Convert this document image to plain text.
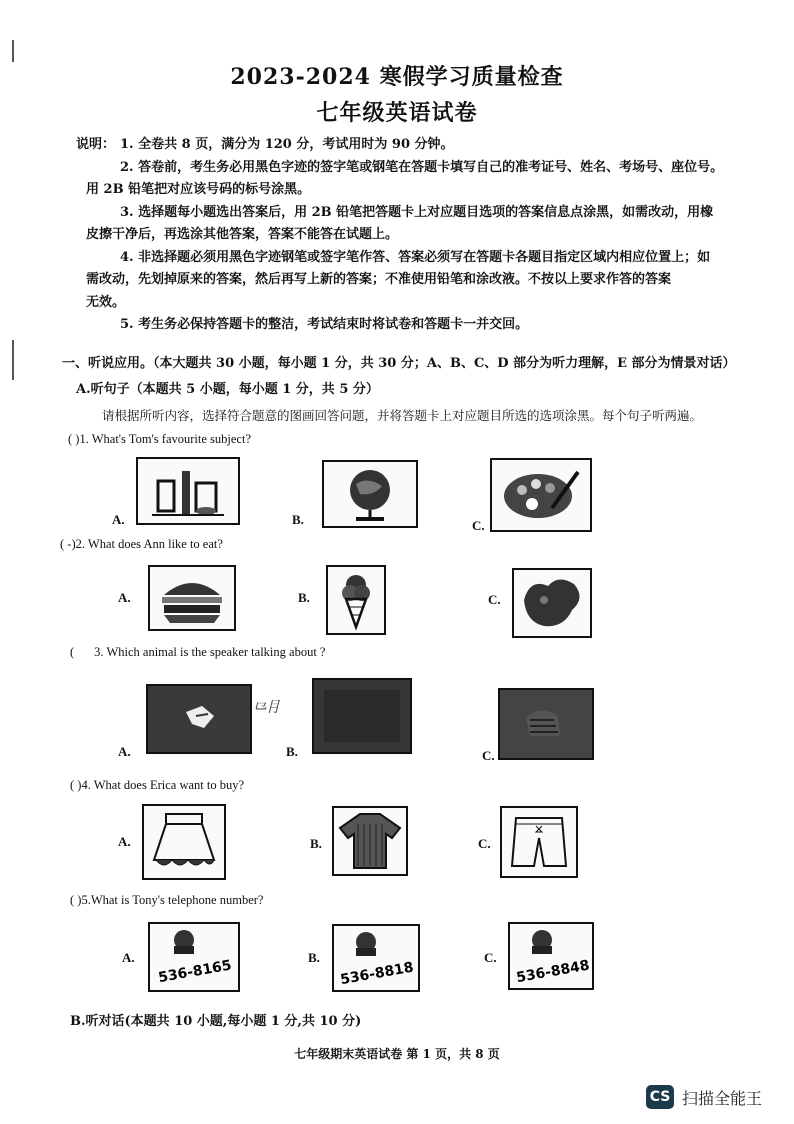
2023-2024 寒假学习质量检查
七年级英语试卷
说明： 1. 全卷共 8 页，满分为 120 分，考试用时为 90 分钟。
2. 答卷前，考生务必用黑色字迹的签字笔或钢笔在答题卡填写自己的准考证号、姓名、考场号、座位号。
用 2B 铅笔把对应该号码的标号涂黑。
3. 选择题每小题选出答案后，用 2B 铅笔把答题卡上对应题目选项的答案信息点涂黑，如需改动，用橡
皮擦干净后，再选涂其他答案，答案不能答在试题上。
4. 非选择题必须用黑色字迹钢笔或签字笔作答、答案必须写在答题卡各题目指定区域内相应位置上；如
需改动，先划掉原来的答案，然后再写上新的答案；不准使用铅笔和涂改液。不按以上要求作答的答案
无效。
5. 考生务必保持答题卡的整洁，考试结束时将试卷和答题卡一并交回。
一、听说应用。（本大题共 30 小题，每小题 1 分，共 30 分；A、B、C、D 部分为听力理解，E 部分为情景对话）
A.听句子（本题共 5 小题，每小题 1 分，共 5 分）
请根据所听内容，选择符合题意的图画回答问题，并将答题卡上对应题目所选的选项涂黑。每个句子听两遍。
( )1. What's Tom's favourite subject?
A.	B.	C.
( -)2. What does Ann like to eat?
A.	B.	C.
( 3. Which animal is the speaker talking about ?
A.
⺋⺝
B.	C.
( )4. What does Erica want to buy?
A.	B.	C.
( )5.What is Tony's telephone number?
A.
536-8165
B.
536-8818
C.
536-8848
B.听对话(本题共 10 小题,每小题 1 分,共 10 分)
七年级期末英语试卷 第 1 页，共 8 页
CS 扫描全能王
